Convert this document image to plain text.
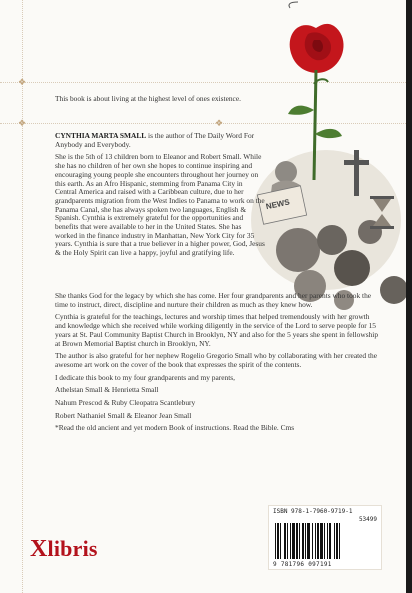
❖
❖	❖
NEWS

This book is about living at the highest level of ones existence.

CYNTHIA MARTA SMALL is the author of The Daily Word For Anybody and Everybody.

She is the 5th of 13 children born to Eleanor and Robert Small. While she has no children of her own she hopes to continue inspiring and encouraging young people she encounters throughout her journey on this earth. As an Afro Hispanic, stemming from Panama City in Central America and raised with a Caribbean culture, due to her grandparents migration from the West Indies to Panama to work on the Panama Canal, she has always spoken two languages, English & Spanish. Cynthia is extremely grateful for the opportunities and benefits that were available to her in the United States. She has worked in the finance industry in Manhattan, New York City for 35 years. Cynthia is sure that a true believer in a higher power, God, Jesus & the Holy Spirit can live a happy, joyful and gratifying life.

She thanks God for the legacy by which she has come. Her four grandparents and her parents who took the time to instruct, direct, discipline and nurture their children as much as they knew how.

Cynthia is grateful for the teachings, lectures and worship times that helped tremendously with her growth and knowledge which she received while working diligently in the service of the Lord to serve people for 15 years at St. Paul Community Baptist Church in Brooklyn, NY and also for the 5 years she spent in fellowship at Brown Memorial Baptist church in Brooklyn, NY.

The author is also grateful for her nephew Rogelio Gregorio Small who by collaborating with her created the awesome art work on the cover of the book that expresses the spirit of the contents.

I dedicate this book to my four grandparents and my parents,

Athelstan Small & Henrietta Small

Nahum Prescod & Ruby Cleopatra Scantlebury

Robert Nathaniel Small & Eleanor Jean Small

*Read the old ancient and yet modern Book of instructions. Read the Bible. Cms

ISBN 978-1-7960-9719-1
53499
9 781796 097191
Xlibris
